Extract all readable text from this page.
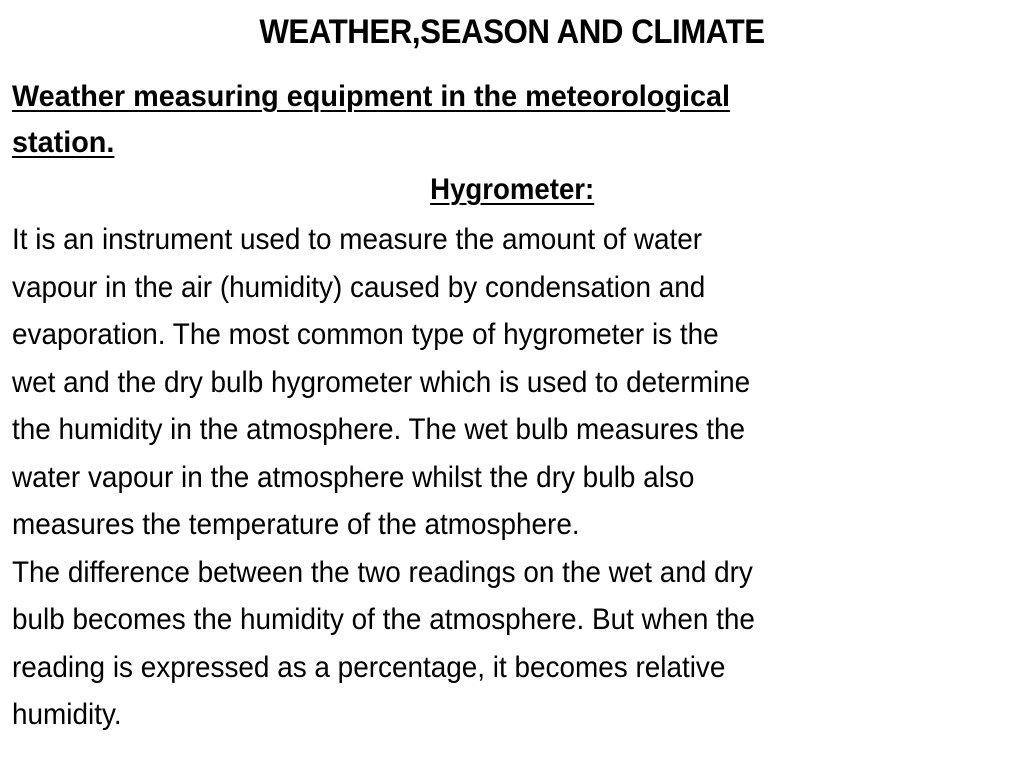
WEATHER,SEASON AND CLIMATE
Weather measuring equipment in the meteorological
station.
Hygrometer:
It is an instrument used to measure the amount of water
vapour in the air (humidity) caused by condensation and
evaporation. The most common type of hygrometer is the
wet and the dry bulb hygrometer which is used to determine
the humidity in the atmosphere. The wet bulb measures the
water vapour in the atmosphere whilst the dry bulb also
measures the temperature of the atmosphere.
The difference between the two readings on the wet and dry
bulb becomes the humidity of the atmosphere. But when the
reading is expressed as a percentage, it becomes relative
humidity.
